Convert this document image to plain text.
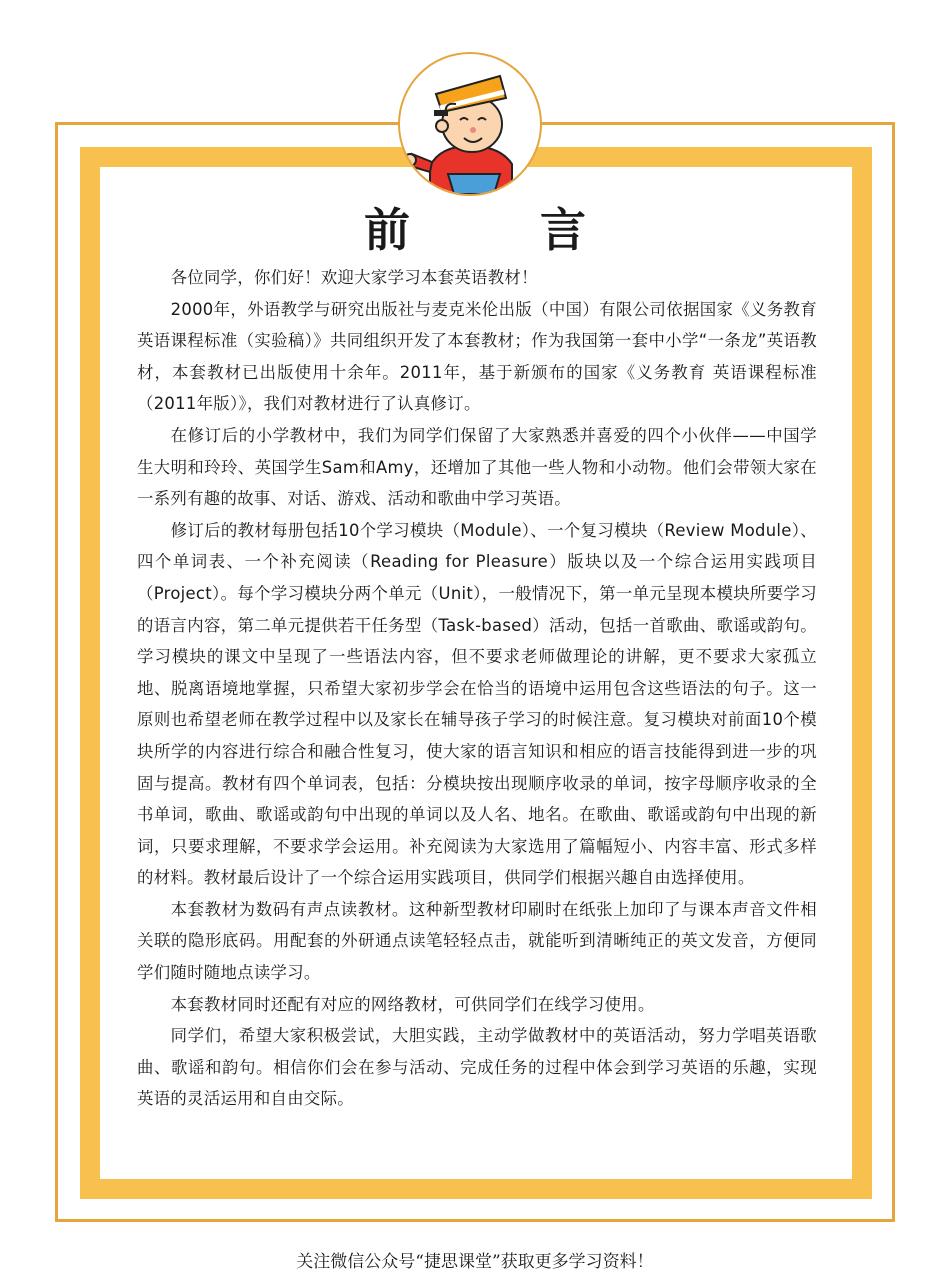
前言

各位同学，你们好！欢迎大家学习本套英语教材！

2000年，外语教学与研究出版社与麦克米伦出版（中国）有限公司依据国家《义务教育 英语课程标准（实验稿）》共同组织开发了本套教材；作为我国第一套中小学“一条龙”英语教材，本套教材已出版使用十余年。2011年，基于新颁布的国家《义务教育 英语课程标准（2011年版）》，我们对教材进行了认真修订。

在修订后的小学教材中，我们为同学们保留了大家熟悉并喜爱的四个小伙伴——中国学生大明和玲玲、英国学生Sam和Amy，还增加了其他一些人物和小动物。他们会带领大家在一系列有趣的故事、对话、游戏、活动和歌曲中学习英语。

修订后的教材每册包括10个学习模块（Module）、一个复习模块（Review Module）、四个单词表、一个补充阅读（Reading for Pleasure）版块以及一个综合运用实践项目（Project）。每个学习模块分两个单元（Unit），一般情况下，第一单元呈现本模块所要学习的语言内容，第二单元提供若干任务型（Task-based）活动，包括一首歌曲、歌谣或韵句。学习模块的课文中呈现了一些语法内容，但不要求老师做理论的讲解，更不要求大家孤立地、脱离语境地掌握，只希望大家初步学会在恰当的语境中运用包含这些语法的句子。这一原则也希望老师在教学过程中以及家长在辅导孩子学习的时候注意。复习模块对前面10个模块所学的内容进行综合和融合性复习，使大家的语言知识和相应的语言技能得到进一步的巩固与提高。教材有四个单词表，包括：分模块按出现顺序收录的单词，按字母顺序收录的全书单词，歌曲、歌谣或韵句中出现的单词以及人名、地名。在歌曲、歌谣或韵句中出现的新词，只要求理解，不要求学会运用。补充阅读为大家选用了篇幅短小、内容丰富、形式多样的材料。教材最后设计了一个综合运用实践项目，供同学们根据兴趣自由选择使用。

本套教材为数码有声点读教材。这种新型教材印刷时在纸张上加印了与课本声音文件相关联的隐形底码。用配套的外研通点读笔轻轻点击，就能听到清晰纯正的英文发音，方便同学们随时随地点读学习。

本套教材同时还配有对应的网络教材，可供同学们在线学习使用。

同学们，希望大家积极尝试，大胆实践，主动学做教材中的英语活动，努力学唱英语歌曲、歌谣和韵句。相信你们会在参与活动、完成任务的过程中体会到学习英语的乐趣，实现英语的灵活运用和自由交际。

关注微信公众号“捷思课堂”获取更多学习资料！
